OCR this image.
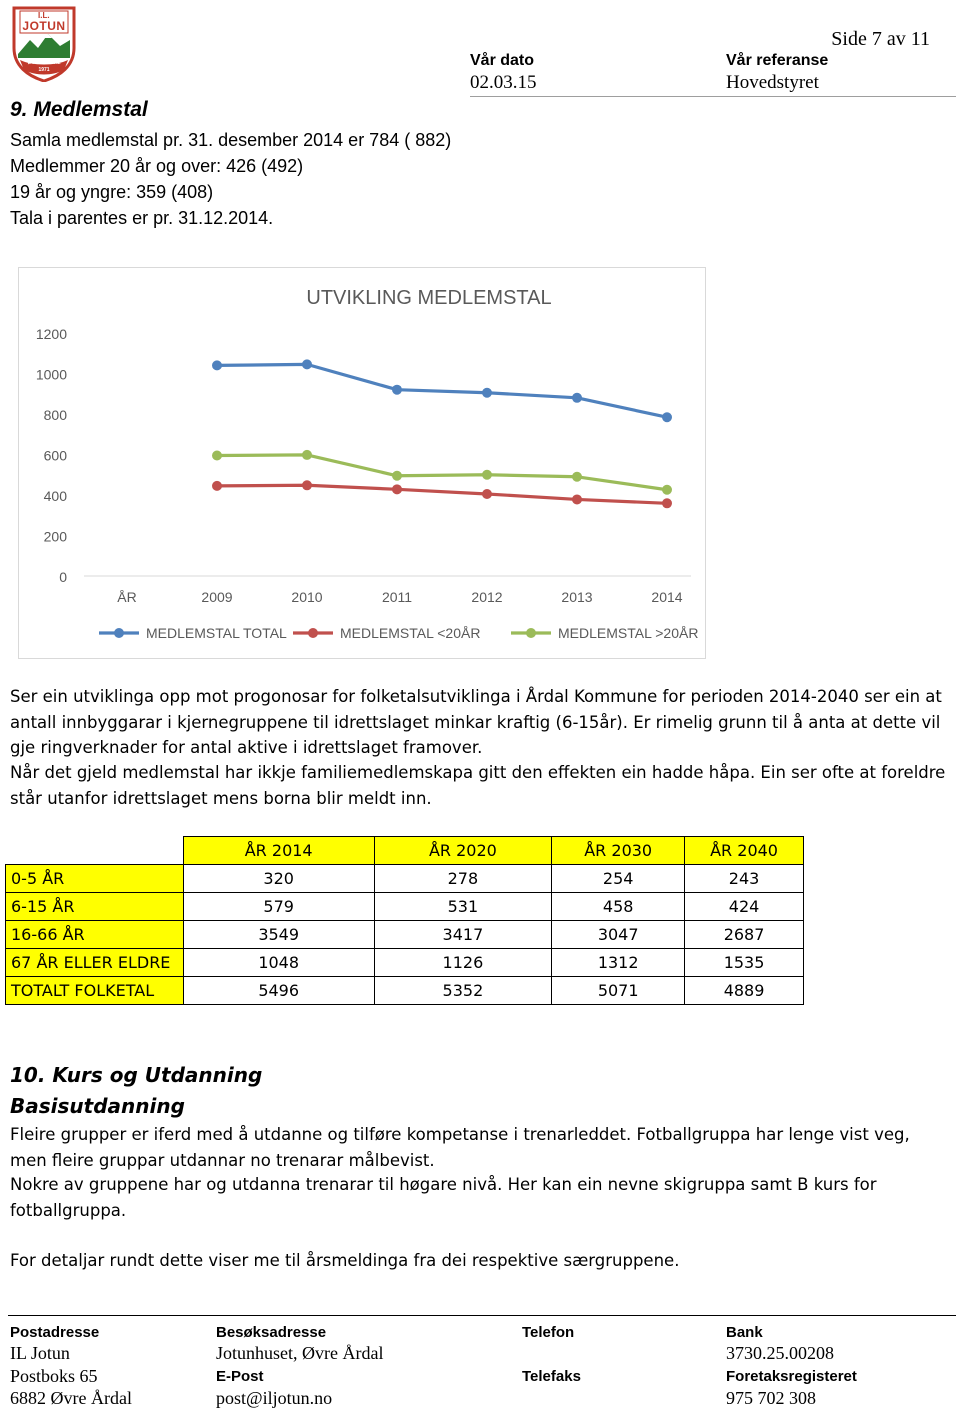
I.L.
JOTUN
ØVRE ÅRDAL
1971
Side 7 av 11
Vår dato
02.03.15
Vår referanse
Hovedstyret
9. Medlemstal
Samla medlemstal pr. 31. desember 2014 er 784 ( 882)
Medlemmer 20 år og over: 426 (492)
19 år og yngre: 359 (408)
Tala i parentes er pr. 31.12.2014.
UTVIKLING MEDLEMSTAL
0
200
400
600
800
1000
1200
ÅR	2009	2010	2011	2012	2013	2014
MEDLEMSTAL TOTAL	MEDLEMSTAL <20ÅR	MEDLEMSTAL >20ÅR
Ser ein utviklinga opp mot progonosar for folketalsutviklinga i Årdal Kommune for perioden 2014-2040 ser ein at antall innbyggarar i kjernegruppene til idrettslaget minkar kraftig (6-15år). Er rimelig grunn til å anta at dette vil gje ringverknader for antal aktive i idrettslaget framover.
Når det gjeld medlemstal har ikkje familiemedlemskapa gitt den effekten ein hadde håpa. Ein ser ofte at foreldre står utanfor idrettslaget mens borna blir meldt inn.
	ÅR 2014	ÅR 2020	ÅR 2030	ÅR 2040
0-5 ÅR	320	278	254	243
6-15 ÅR	579	531	458	424
16-66 ÅR	3549	3417	3047	2687
67 ÅR ELLER ELDRE	1048	1126	1312	1535
TOTALT FOLKETAL	5496	5352	5071	4889
10. Kurs og Utdanning
Basisutdanning
Fleire grupper er iferd med å utdanne og tilføre kompetanse i trenarleddet. Fotballgruppa har lenge vist veg, men fleire gruppar utdannar no trenarar målbevist.
Nokre av gruppene har og utdanna trenarar til høgare nivå. Her kan ein nevne skigruppa samt B kurs for fotballgruppa.
For detaljar rundt dette viser me til årsmeldinga fra dei respektive særgruppene.
Postadresse
IL Jotun
Postboks 65
6882 Øvre Årdal
Besøksadresse
Jotunhuset, Øvre Årdal
E-Post
post@iljotun.no
Telefon
Telefaks
Bank
3730.25.00208
Foretaksregisteret
975 702 308
